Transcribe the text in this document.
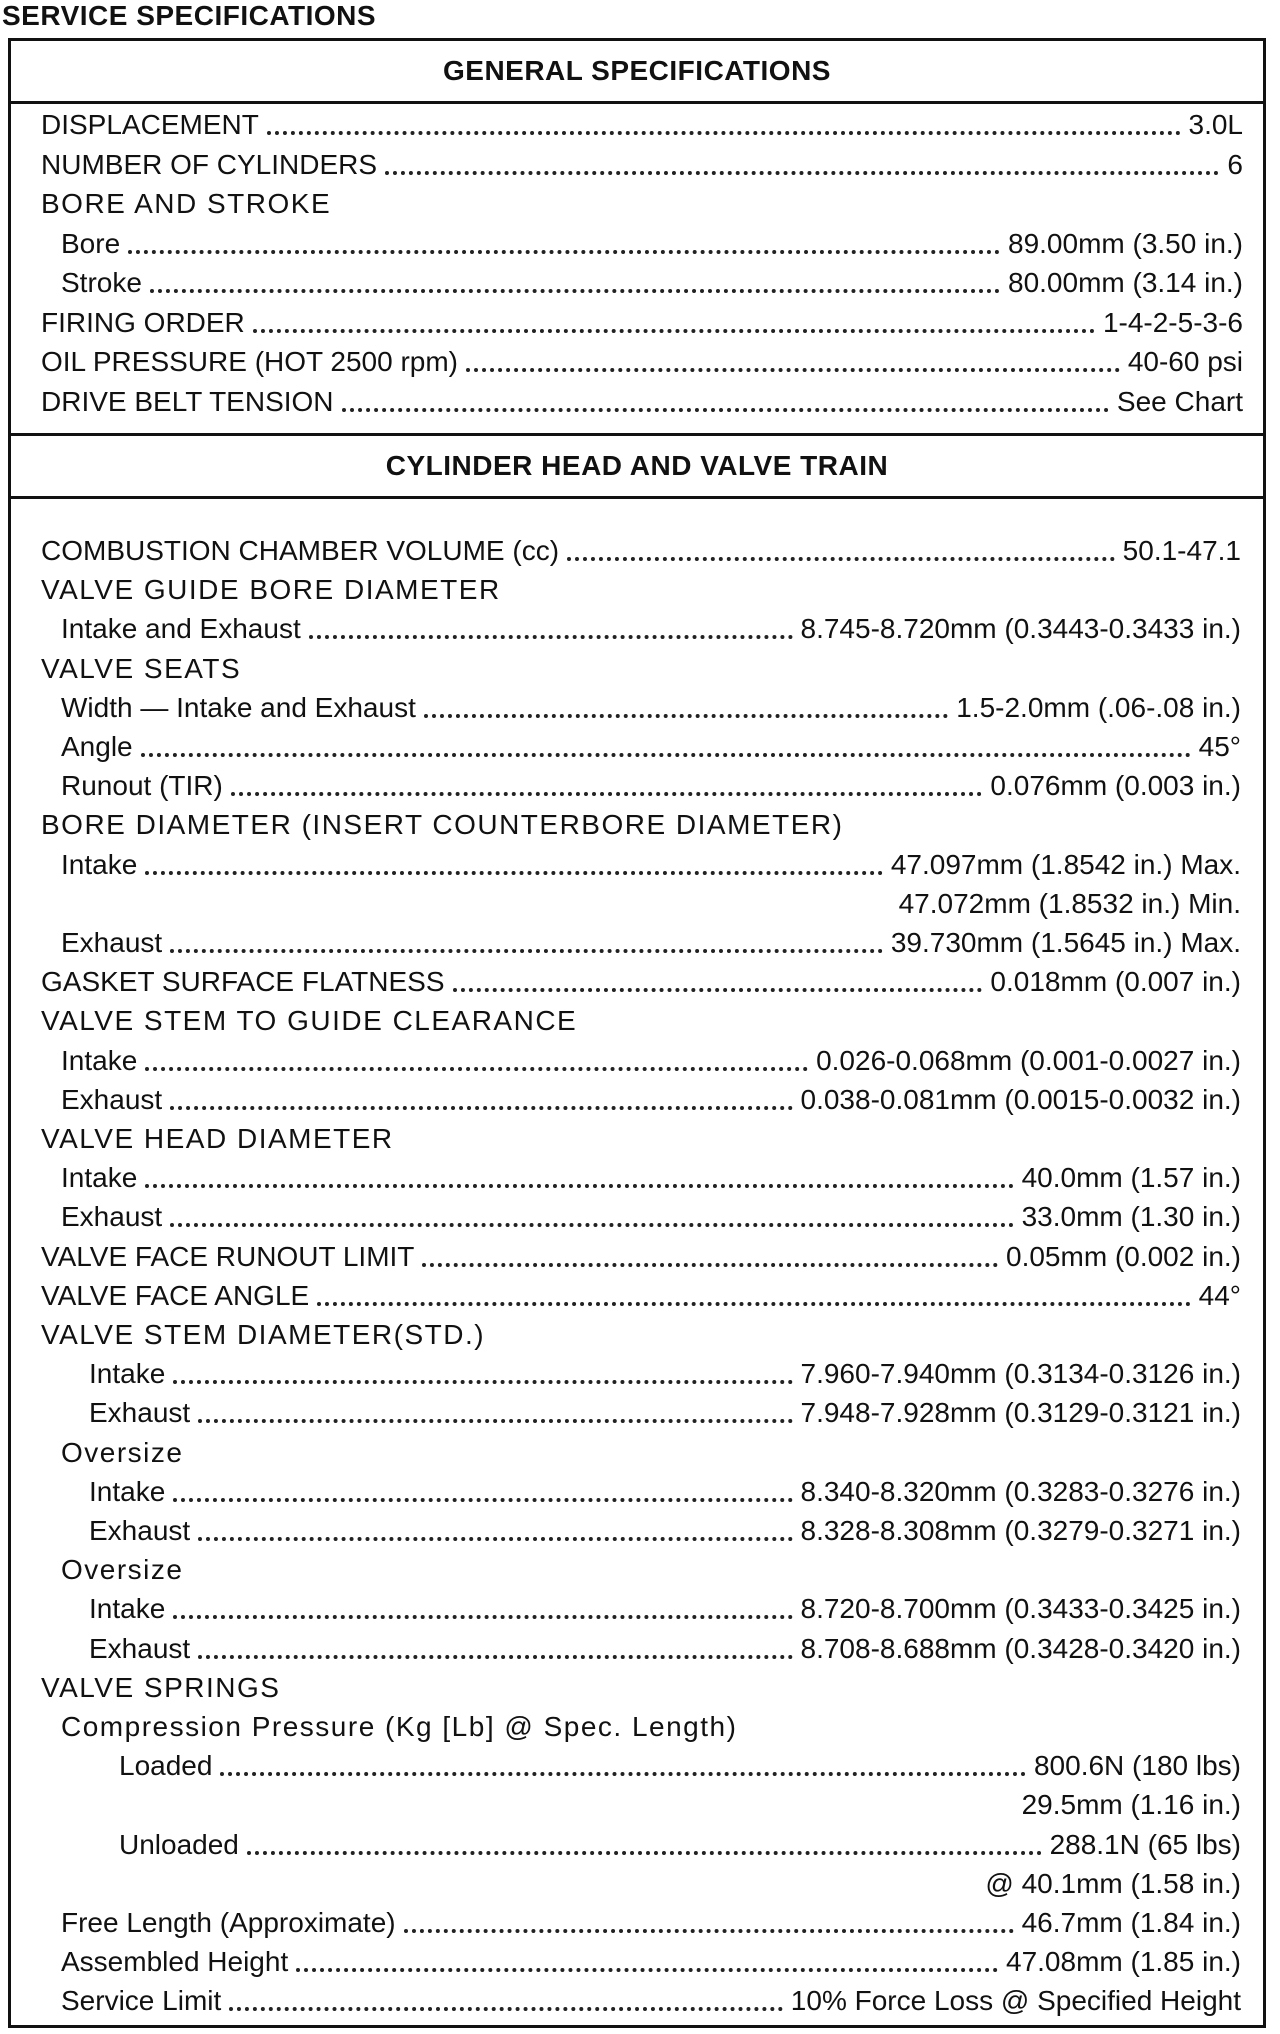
SERVICE SPECIFICATIONS
GENERAL SPECIFICATIONS
DISPLACEMENT	3.0L
NUMBER OF CYLINDERS	6
BORE AND STROKE
Bore	89.00mm (3.50 in.)
Stroke	80.00mm (3.14 in.)
FIRING ORDER	1-4-2-5-3-6
OIL PRESSURE (HOT 2500 rpm)	40-60 psi
DRIVE BELT TENSION	See Chart
CYLINDER HEAD AND VALVE TRAIN
COMBUSTION CHAMBER VOLUME (cc)	50.1-47.1
VALVE GUIDE BORE DIAMETER
Intake and Exhaust	8.745-8.720mm (0.3443-0.3433 in.)
VALVE SEATS
Width — Intake and Exhaust	1.5-2.0mm (.06-.08 in.)
Angle	45°
Runout (TIR)	0.076mm (0.003 in.)
BORE DIAMETER (INSERT COUNTERBORE DIAMETER)
Intake	47.097mm (1.8542 in.) Max.
47.072mm (1.8532 in.) Min.
Exhaust	39.730mm (1.5645 in.) Max.
GASKET SURFACE FLATNESS	0.018mm (0.007 in.)
VALVE STEM TO GUIDE CLEARANCE
Intake	0.026-0.068mm (0.001-0.0027 in.)
Exhaust	0.038-0.081mm (0.0015-0.0032 in.)
VALVE HEAD DIAMETER
Intake	40.0mm (1.57 in.)
Exhaust	33.0mm (1.30 in.)
VALVE FACE RUNOUT LIMIT	0.05mm (0.002 in.)
VALVE FACE ANGLE	44°
VALVE STEM DIAMETER(STD.)
Intake	7.960-7.940mm (0.3134-0.3126 in.)
Exhaust	7.948-7.928mm (0.3129-0.3121 in.)
Oversize
Intake	8.340-8.320mm (0.3283-0.3276 in.)
Exhaust	8.328-8.308mm (0.3279-0.3271 in.)
Oversize
Intake	8.720-8.700mm (0.3433-0.3425 in.)
Exhaust	8.708-8.688mm (0.3428-0.3420 in.)
VALVE SPRINGS
Compression Pressure (Kg [Lb] @ Spec. Length)
Loaded	800.6N (180 lbs)
29.5mm (1.16 in.)
Unloaded	288.1N (65 lbs)
@ 40.1mm (1.58 in.)
Free Length (Approximate)	46.7mm (1.84 in.)
Assembled Height	47.08mm (1.85 in.)
Service Limit	10% Force Loss @ Specified Height
